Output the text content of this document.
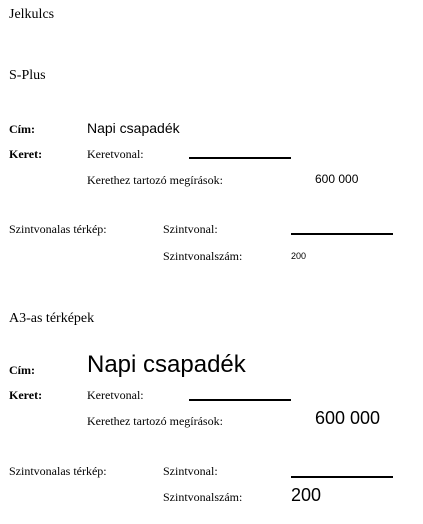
Jelkulcs
S-Plus
Cím:	Napi csapadék
Keret:	Keretvonal:
Kerethez tartozó megírások:	600 000
Szintvonalas térkép:	Szintvonal:
Szintvonalszám:	200
A3-as térképek
Cím: Napi csapadék
Keret:	Keretvonal:
Kerethez tartozó megírások:	600 000
Szintvonalas térkép:	Szintvonal:
Szintvonalszám:	200
